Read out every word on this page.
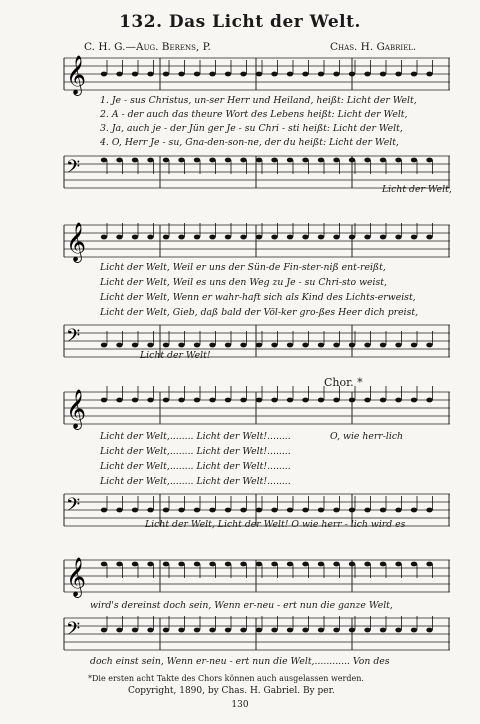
132. Das Licht der Welt.
C. H. G.—Aug. Berens, P.	Chas. H. Gabriel.
𝄞
1. Je - sus Christus, un-ser Herr und Heiland, heißt: Licht der Welt,
2. A - der auch das theure Wort des Lebens heißt: Licht der Welt,
3. Ja, auch je - der Jün ger Je - su Chri - sti heißt: Licht der Welt,
4. O, Herr Je - su, Gna-den-son-ne, der du heißt: Licht der Welt,
𝄢
Licht der Welt,
𝄞
Licht der Welt, Weil er uns der Sün-de Fin-ster-niß ent-reißt,
Licht der Welt, Weil es uns den Weg zu Je - su Chri-sto weist,
Licht der Welt, Wenn er wahr-haft sich als Kind des Lichts-erweist,
Licht der Welt, Gieb, daß bald der Völ-ker gro-ßes Heer dich preist,
𝄢
Licht der Welt!
Chor. *
𝄞
Licht der Welt,........ Licht der Welt!........
Licht der Welt,........ Licht der Welt!........
Licht der Welt,........ Licht der Welt!........
Licht der Welt,........ Licht der Welt!........
O, wie herr-lich
𝄢
Licht der Welt, Licht der Welt! O wie herr - lich wird es
𝄞
wird's dereinst doch sein, Wenn er-neu - ert nun die ganze Welt,
𝄢
doch einst sein, Wenn er-neu - ert nun die Welt,............ Von des
*Die ersten acht Takte des Chors können auch ausgelassen werden.
Copyright, 1890, by Chas. H. Gabriel. By per.
130
